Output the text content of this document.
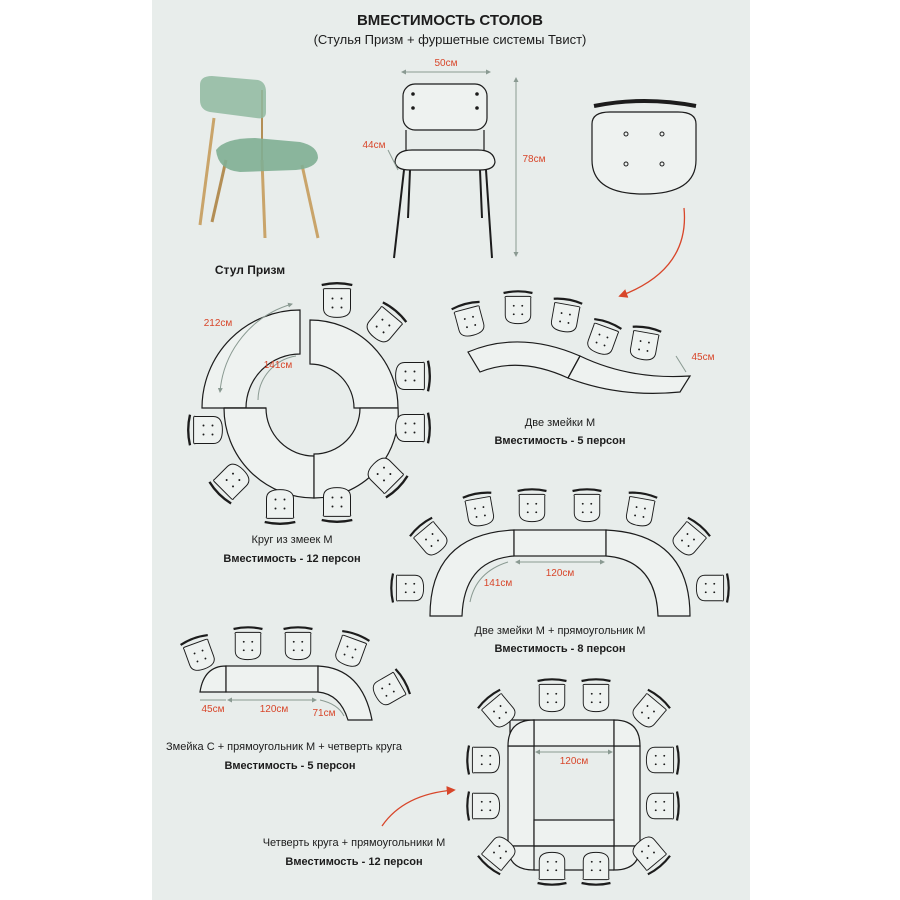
ВМЕСТИМОСТЬ СТОЛОВ
(Стулья Призм + фуршетные системы Твист)
Стул Призм
50см
44см
78см
212см
141см
Круг из змеек М
Вместимость - 12 персон
45см
Две змейки М
Вместимость - 5 персон
120см
141см
Две змейки М + прямоугольник М
Вместимость - 8 персон
45см	120см 71см
Змейка С + прямоугольник М + четверть круга
Вместимость - 5 персон	120см
Четверть круга + прямоугольники М
Вместимость - 12 персон
